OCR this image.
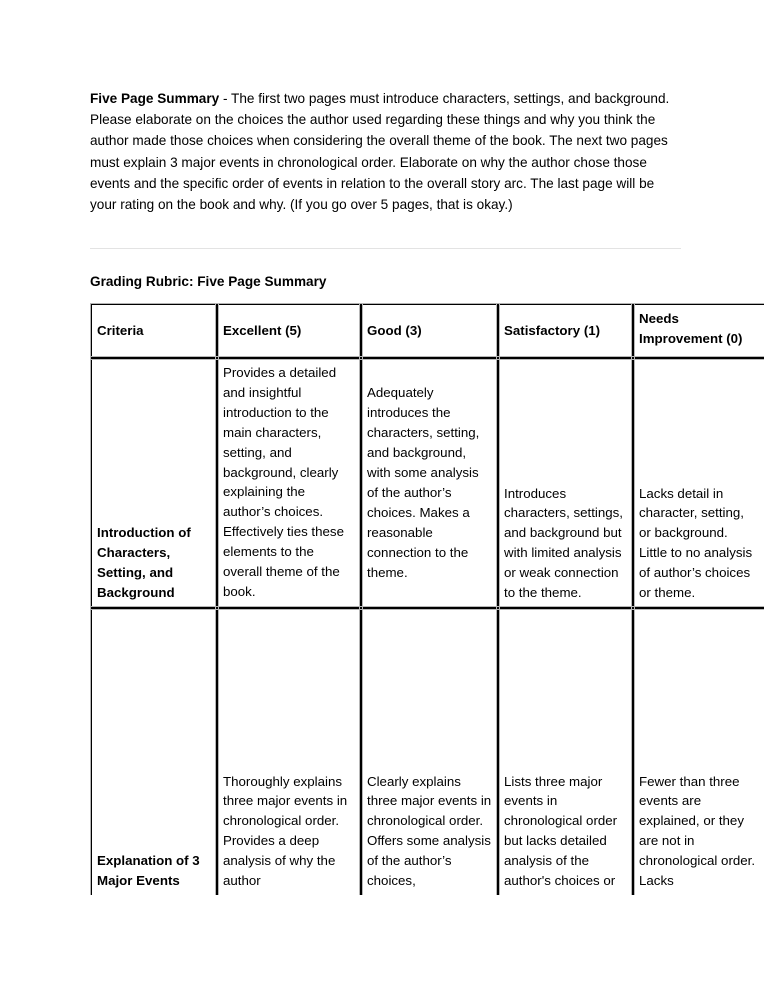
Five Page Summary - The first two pages must introduce characters, settings, and background. Please elaborate on the choices the author used regarding these things and why you think the author made those choices when considering the overall theme of the book. The next two pages must explain 3 major events in chronological order. Elaborate on why the author chose those events and the specific order of events in relation to the overall story arc. The last page will be your rating on the book and why. (If you go over 5 pages, that is okay.)

Grading Rubric: Five Page Summary
Criteria	Excellent (5)	Good (3)	Satisfactory (1)	Needs Improvement (0)
Introduction of Characters, Setting, and Background	Provides a detailed and insightful introduction to the main characters, setting, and background, clearly explaining the author’s choices. Effectively ties these elements to the overall theme of the book.	Adequately introduces the characters, setting, and background, with some analysis of the author’s choices. Makes a reasonable connection to the theme.	Introduces characters, settings, and background but with limited analysis or weak connection to the theme.	Lacks detail in character, setting, or background. Little to no analysis of author’s choices or theme.
Explanation of 3 Major Events	Thoroughly explains three major events in chronological order. Provides a deep analysis of why the author	Clearly explains three major events in chronological order. Offers some analysis of the author’s choices,	Lists three major events in chronological order but lacks detailed analysis of the author's choices or	Fewer than three events are explained, or they are not in chronological order. Lacks
